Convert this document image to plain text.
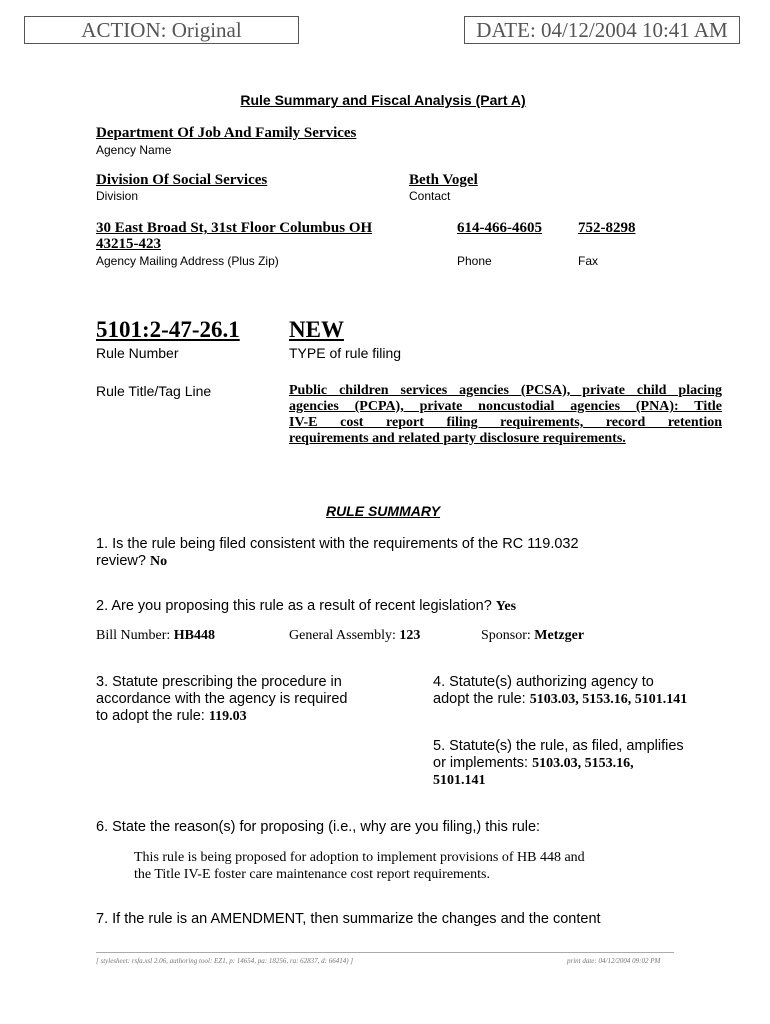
ACTION: Original	DATE: 04/12/2004 10:41 AM
Rule Summary and Fiscal Analysis (Part A)
Department Of Job And Family Services
Agency Name
Division Of Social Services
Division
Beth Vogel
Contact
30 East Broad St, 31st Floor Columbus OH
43215-423
Agency Mailing Address (Plus Zip)
614-466-4605
Phone
752-8298
Fax
5101:2-47-26.1
Rule Number
NEW
TYPE of rule filing
Rule Title/Tag Line	Public children services agencies (PCSA), private child placing
agencies (PCPA), private noncustodial agencies (PNA): Title
IV-E cost report filing requirements, record retention
requirements and related party disclosure requirements.
RULE SUMMARY
1. Is the rule being filed consistent with the requirements of the RC 119.032
review? No
2. Are you proposing this rule as a result of recent legislation? Yes
Bill Number: HB448	General Assembly: 123	Sponsor: Metzger
3. Statute prescribing the procedure in
accordance with the agency is required
to adopt the rule: 119.03
4. Statute(s) authorizing agency to
adopt the rule: 5103.03, 5153.16, 5101.141
5. Statute(s) the rule, as filed, amplifies
or implements: 5103.03, 5153.16,
5101.141
6. State the reason(s) for proposing (i.e., why are you filing,) this rule:
This rule is being proposed for adoption to implement provisions of HB 448 and
the Title IV-E foster care maintenance cost report requirements.
7. If the rule is an AMENDMENT, then summarize the changes and the content
[ stylesheet: rsfa.xsl 2.06, authoring tool: EZ1, p: 14654, pa: 18256, ra: 62837, d: 66414) ]	print date: 04/12/2004 09:02 PM
